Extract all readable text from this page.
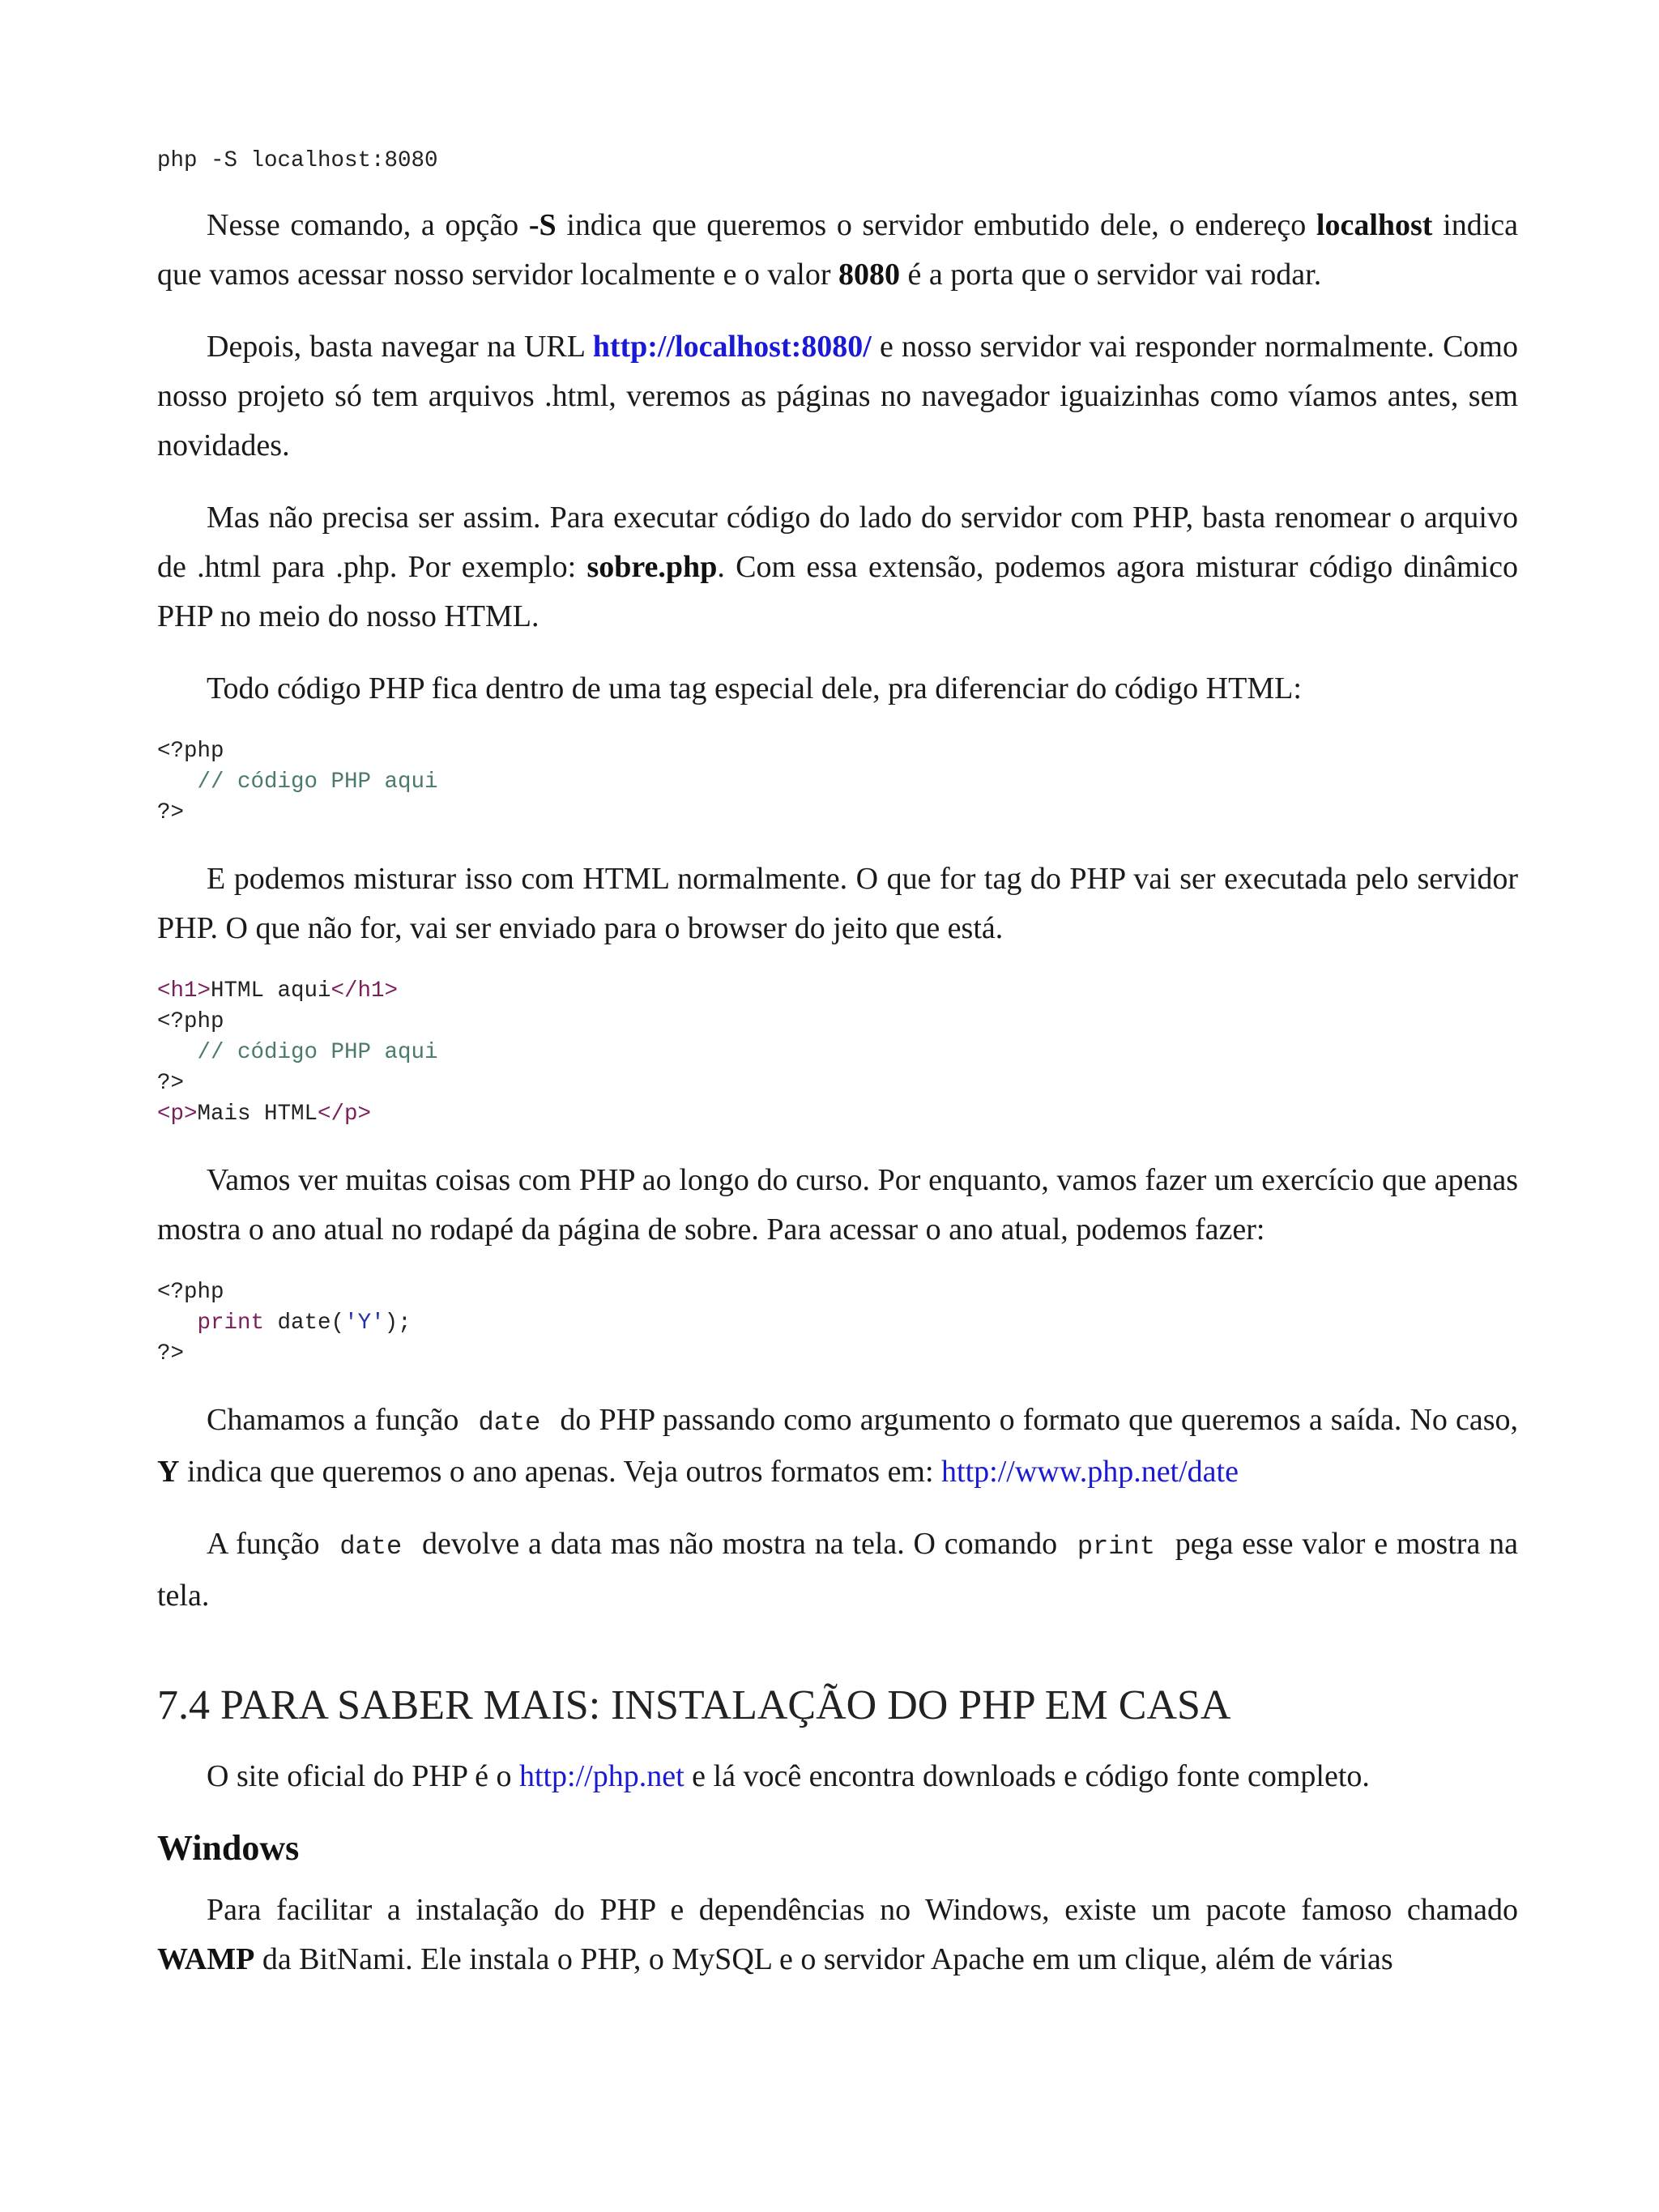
php -S localhost:8080

Nesse comando, a opção -S indica que queremos o servidor embutido dele, o endereço localhost indica que vamos acessar nosso servidor localmente e o valor 8080 é a porta que o servidor vai rodar.

Depois, basta navegar na URL http://localhost:8080/ e nosso servidor vai responder normalmente. Como nosso projeto só tem arquivos .html, veremos as páginas no navegador iguaizinhas como víamos antes, sem novidades.

Mas não precisa ser assim. Para executar código do lado do servidor com PHP, basta renomear o arquivo de .html para .php. Por exemplo: sobre.php. Com essa extensão, podemos agora misturar código dinâmico PHP no meio do nosso HTML.

Todo código PHP fica dentro de uma tag especial dele, pra diferenciar do código HTML:

<?php
// código PHP aqui
?>

E podemos misturar isso com HTML normalmente. O que for tag do PHP vai ser executada pelo servidor PHP. O que não for, vai ser enviado para o browser do jeito que está.

<h1>HTML aqui</h1>
<?php
// código PHP aqui
?>
<p>Mais HTML</p>

Vamos ver muitas coisas com PHP ao longo do curso. Por enquanto, vamos fazer um exercício que apenas mostra o ano atual no rodapé da página de sobre. Para acessar o ano atual, podemos fazer:

<?php
print date('Y');
?>

Chamamos a função date do PHP passando como argumento o formato que queremos a saída. No caso, Y indica que queremos o ano apenas. Veja outros formatos em: http://www.php.net/date

A função date devolve a data mas não mostra na tela. O comando print pega esse valor e mostra na tela.

7.4 PARA SABER MAIS: INSTALAÇÃO DO PHP EM CASA

O site oficial do PHP é o http://php.net e lá você encontra downloads e código fonte completo.

Windows

Para facilitar a instalação do PHP e dependências no Windows, existe um pacote famoso chamado WAMP da BitNami. Ele instala o PHP, o MySQL e o servidor Apache em um clique, além de várias
